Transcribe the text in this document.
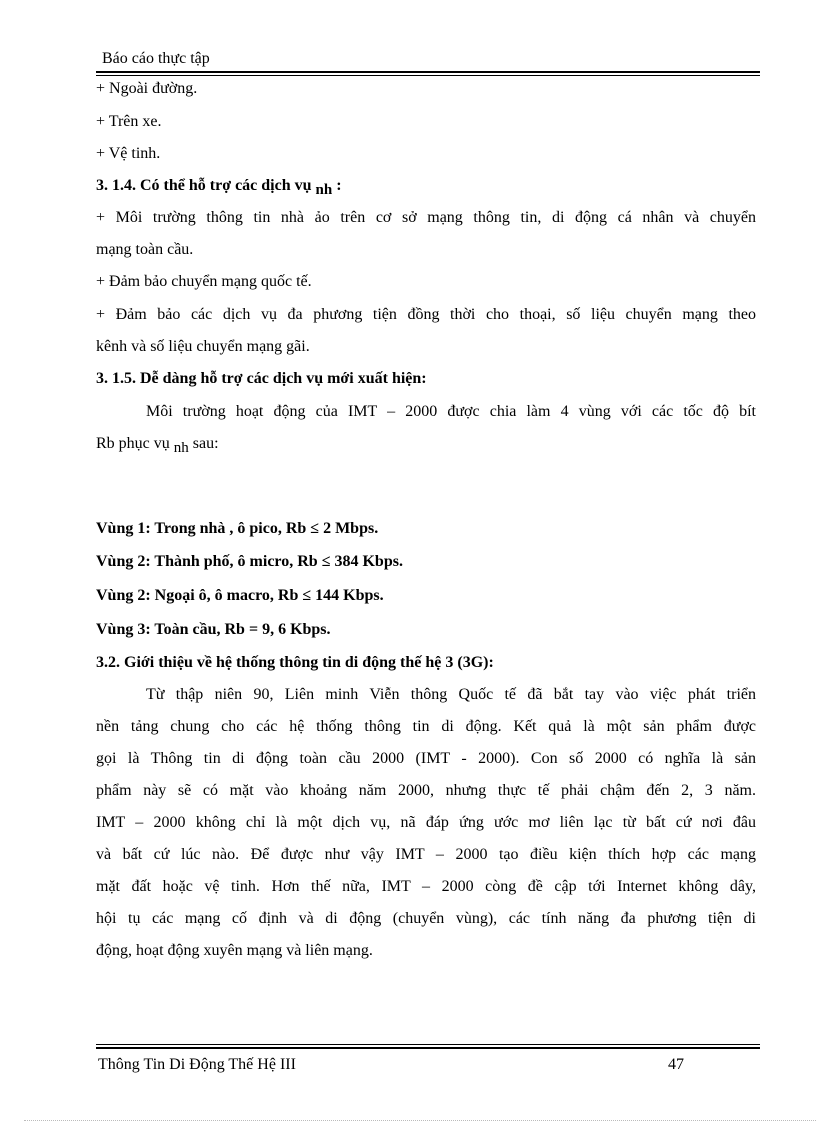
Báo cáo thực tập
+ Ngoài đường.
+ Trên xe.
+ Vệ tinh.
3. 1.4. Có thể hỗ trợ các dịch vụ nh :
+ Môi trường thông tin nhà ảo trên cơ sở mạng thông tin, di động cá nhân và chuyển
mạng toàn cầu.
+ Đảm bảo chuyển mạng quốc tế.
+ Đảm bảo các dịch vụ đa phương tiện đồng thời cho thoại, số liệu chuyển mạng theo
kênh và số liệu chuyển mạng gãi.
3. 1.5. Dễ dàng hỗ trợ các dịch vụ mới xuất hiện:
Môi trường hoạt động của IMT – 2000 được chia làm 4 vùng với các tốc độ bít
Rb phục vụ nh sau:
Vùng 1: Trong nhà , ô pico, Rb ≤ 2 Mbps.
Vùng 2: Thành phố, ô micro, Rb ≤ 384 Kbps.
Vùng 2: Ngoại ô, ô macro, Rb ≤ 144 Kbps.
Vùng 3: Toàn cầu, Rb = 9, 6 Kbps.
3.2. Giới thiệu về hệ thống thông tin di động thế hệ 3 (3G):
Từ thập niên 90, Liên minh Viễn thông Quốc tế đã bắt tay vào việc phát triển
nền tảng chung cho các hệ thống thông tin di động. Kết quả là một sản phẩm được
gọi là Thông tin di động toàn cầu 2000 (IMT - 2000). Con số 2000 có nghĩa là sản
phẩm này sẽ có mặt vào khoảng năm 2000, nhưng thực tế phải chậm đến 2, 3 năm.
IMT – 2000 không chỉ là một dịch vụ, nã đáp ứng ước mơ liên lạc từ bất cứ nơi đâu
và bất cứ lúc nào. Để được như vậy IMT – 2000 tạo điều kiện thích hợp các mạng
mặt đất hoặc vệ tinh. Hơn thế nữa, IMT – 2000 còng đề cập tới Internet không dây,
hội tụ các mạng cố định và di động (chuyển vùng), các tính năng đa phương tiện di
động, hoạt động xuyên mạng và liên mạng.
Thông Tin Di Động Thế Hệ III	47
